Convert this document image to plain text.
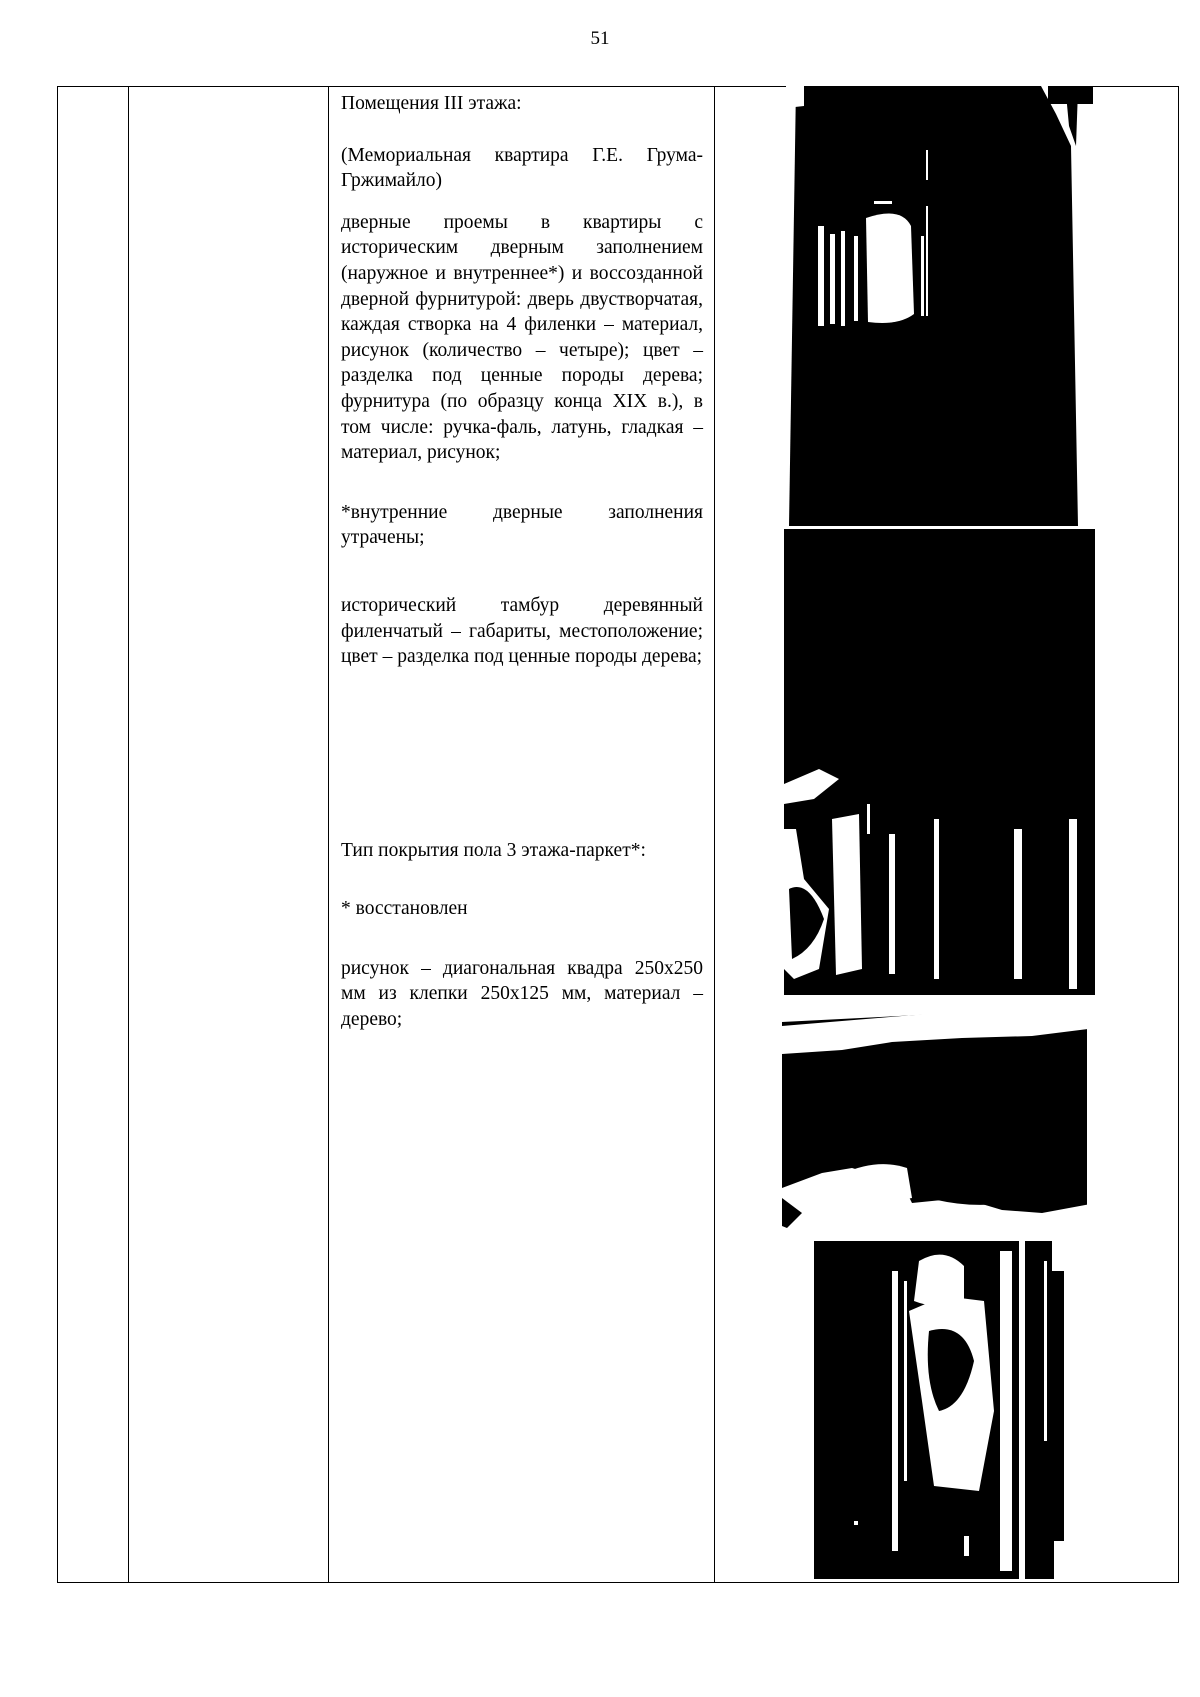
51

Помещения III этажа:

(Мемориальная квартира Г.Е. Грума-Гржимайло)

дверные проемы в квартиры с историческим дверным заполнением (наружное и внутреннее*) и воссозданной дверной фурнитурой: дверь двустворчатая, каждая створка на 4 филенки – материал, рисунок (количество – четыре); цвет – разделка под ценные породы дерева; фурнитура (по образцу конца XIX в.), в том числе: ручка-фаль, латунь, гладкая – материал, рисунок;

*внутренние дверные заполнения утрачены;

исторический тамбур деревянный филенчатый – габариты, местоположение; цвет – разделка под ценные породы дерева;

Тип покрытия пола 3 этажа-паркет*:

* восстановлен

рисунок – диагональная квадра 250х250 мм из клепки 250х125 мм, материал – дерево;
